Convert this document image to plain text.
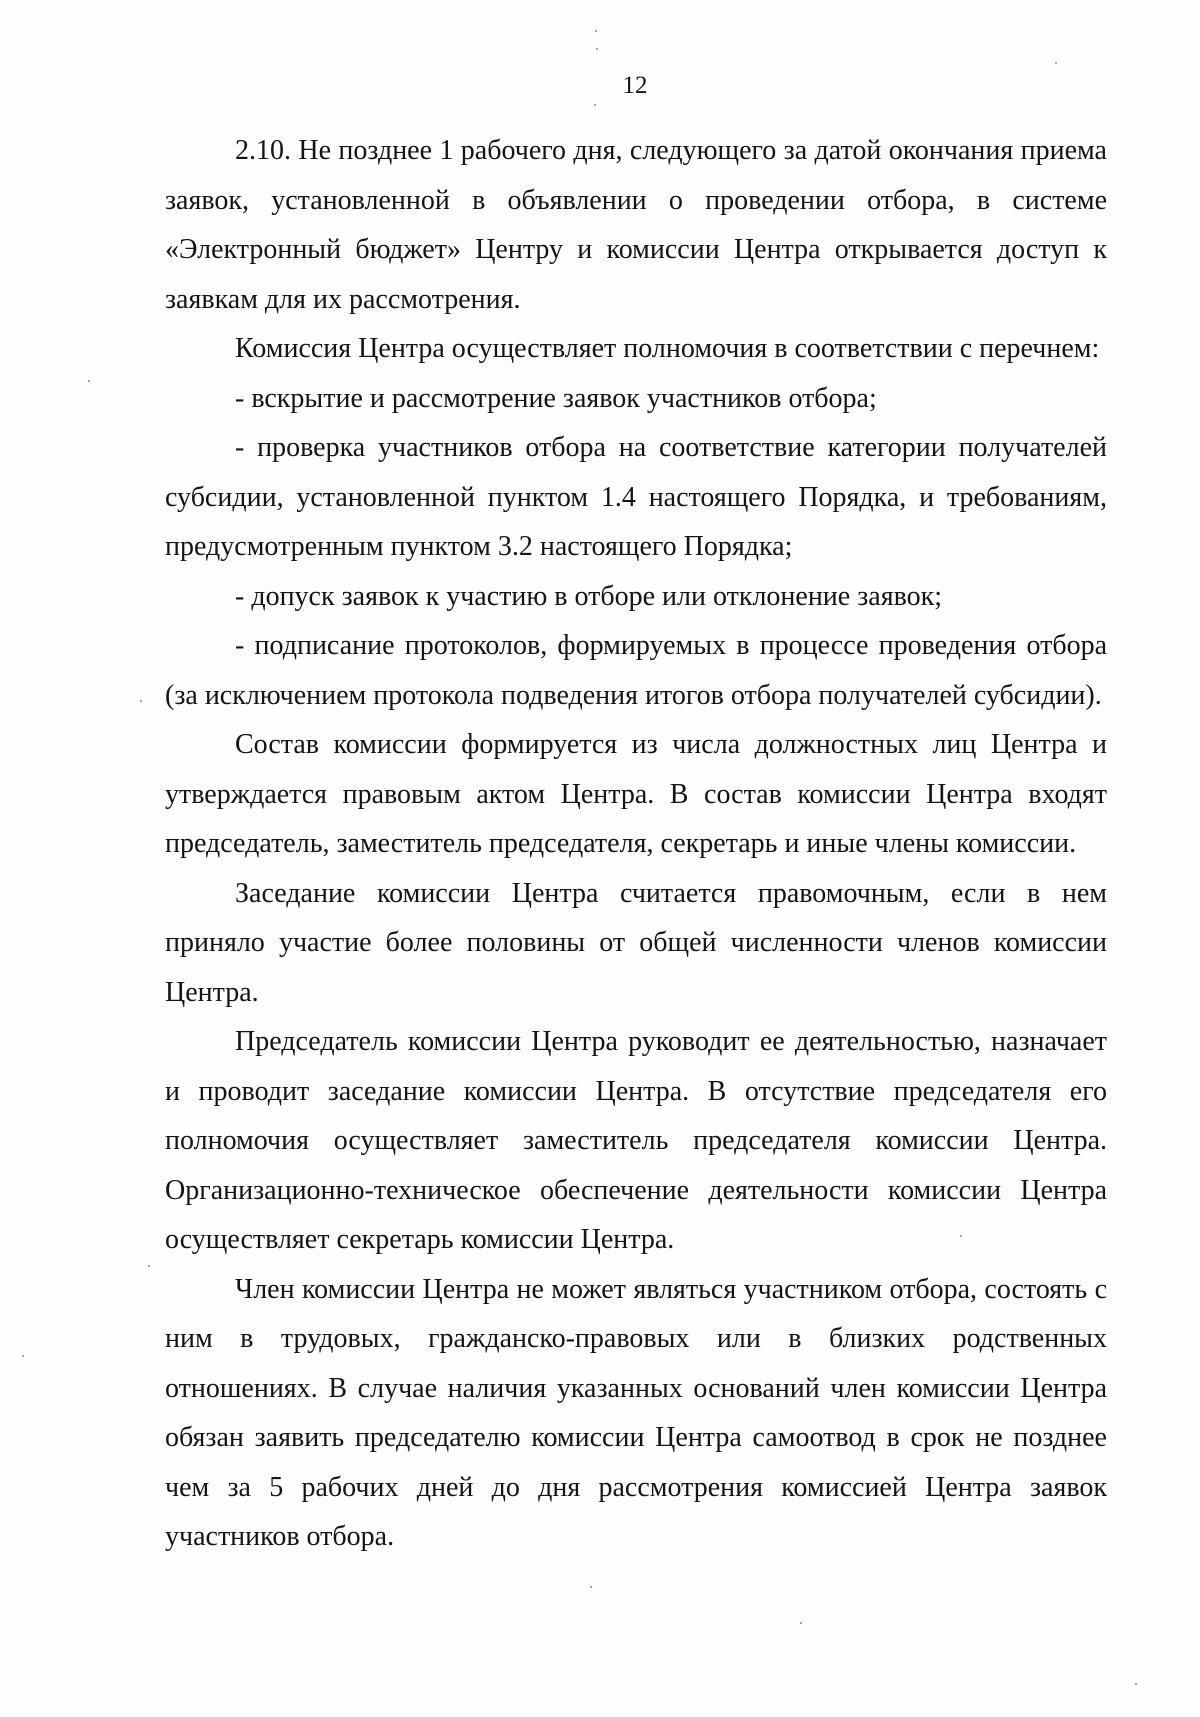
12

2.10. Не позднее 1 рабочего дня, следующего за датой окончания приема заявок, установленной в объявлении о проведении отбора, в системе «Электронный бюджет» Центру и комиссии Центра открывается доступ к заявкам для их рассмотрения.

Комиссия Центра осуществляет полномочия в соответствии с перечнем:

- вскрытие и рассмотрение заявок участников отбора;

- проверка участников отбора на соответствие категории получателей субсидии, установленной пунктом 1.4 настоящего Порядка, и требованиям, предусмотренным пунктом 3.2 настоящего Порядка;

- допуск заявок к участию в отборе или отклонение заявок;

- подписание протоколов, формируемых в процессе проведения отбора (за исключением протокола подведения итогов отбора получателей субсидии).

Состав комиссии формируется из числа должностных лиц Центра и утверждается правовым актом Центра. В состав комиссии Центра входят председатель, заместитель председателя, секретарь и иные члены комиссии.

Заседание комиссии Центра считается правомочным, если в нем приняло участие более половины от общей численности членов комиссии Центра.

Председатель комиссии Центра руководит ее деятельностью, назначает и проводит заседание комиссии Центра. В отсутствие председателя его полномочия осуществляет заместитель председателя комиссии Центра. Организационно-техническое обеспечение деятельности комиссии Центра осуществляет секретарь комиссии Центра.

Член комиссии Центра не может являться участником отбора, состоять с ним в трудовых, гражданско-правовых или в близких родственных отношениях. В случае наличия указанных оснований член комиссии Центра обязан заявить председателю комиссии Центра самоотвод в срок не позднее чем за 5 рабочих дней до дня рассмотрения комиссией Центра заявок участников отбора.
